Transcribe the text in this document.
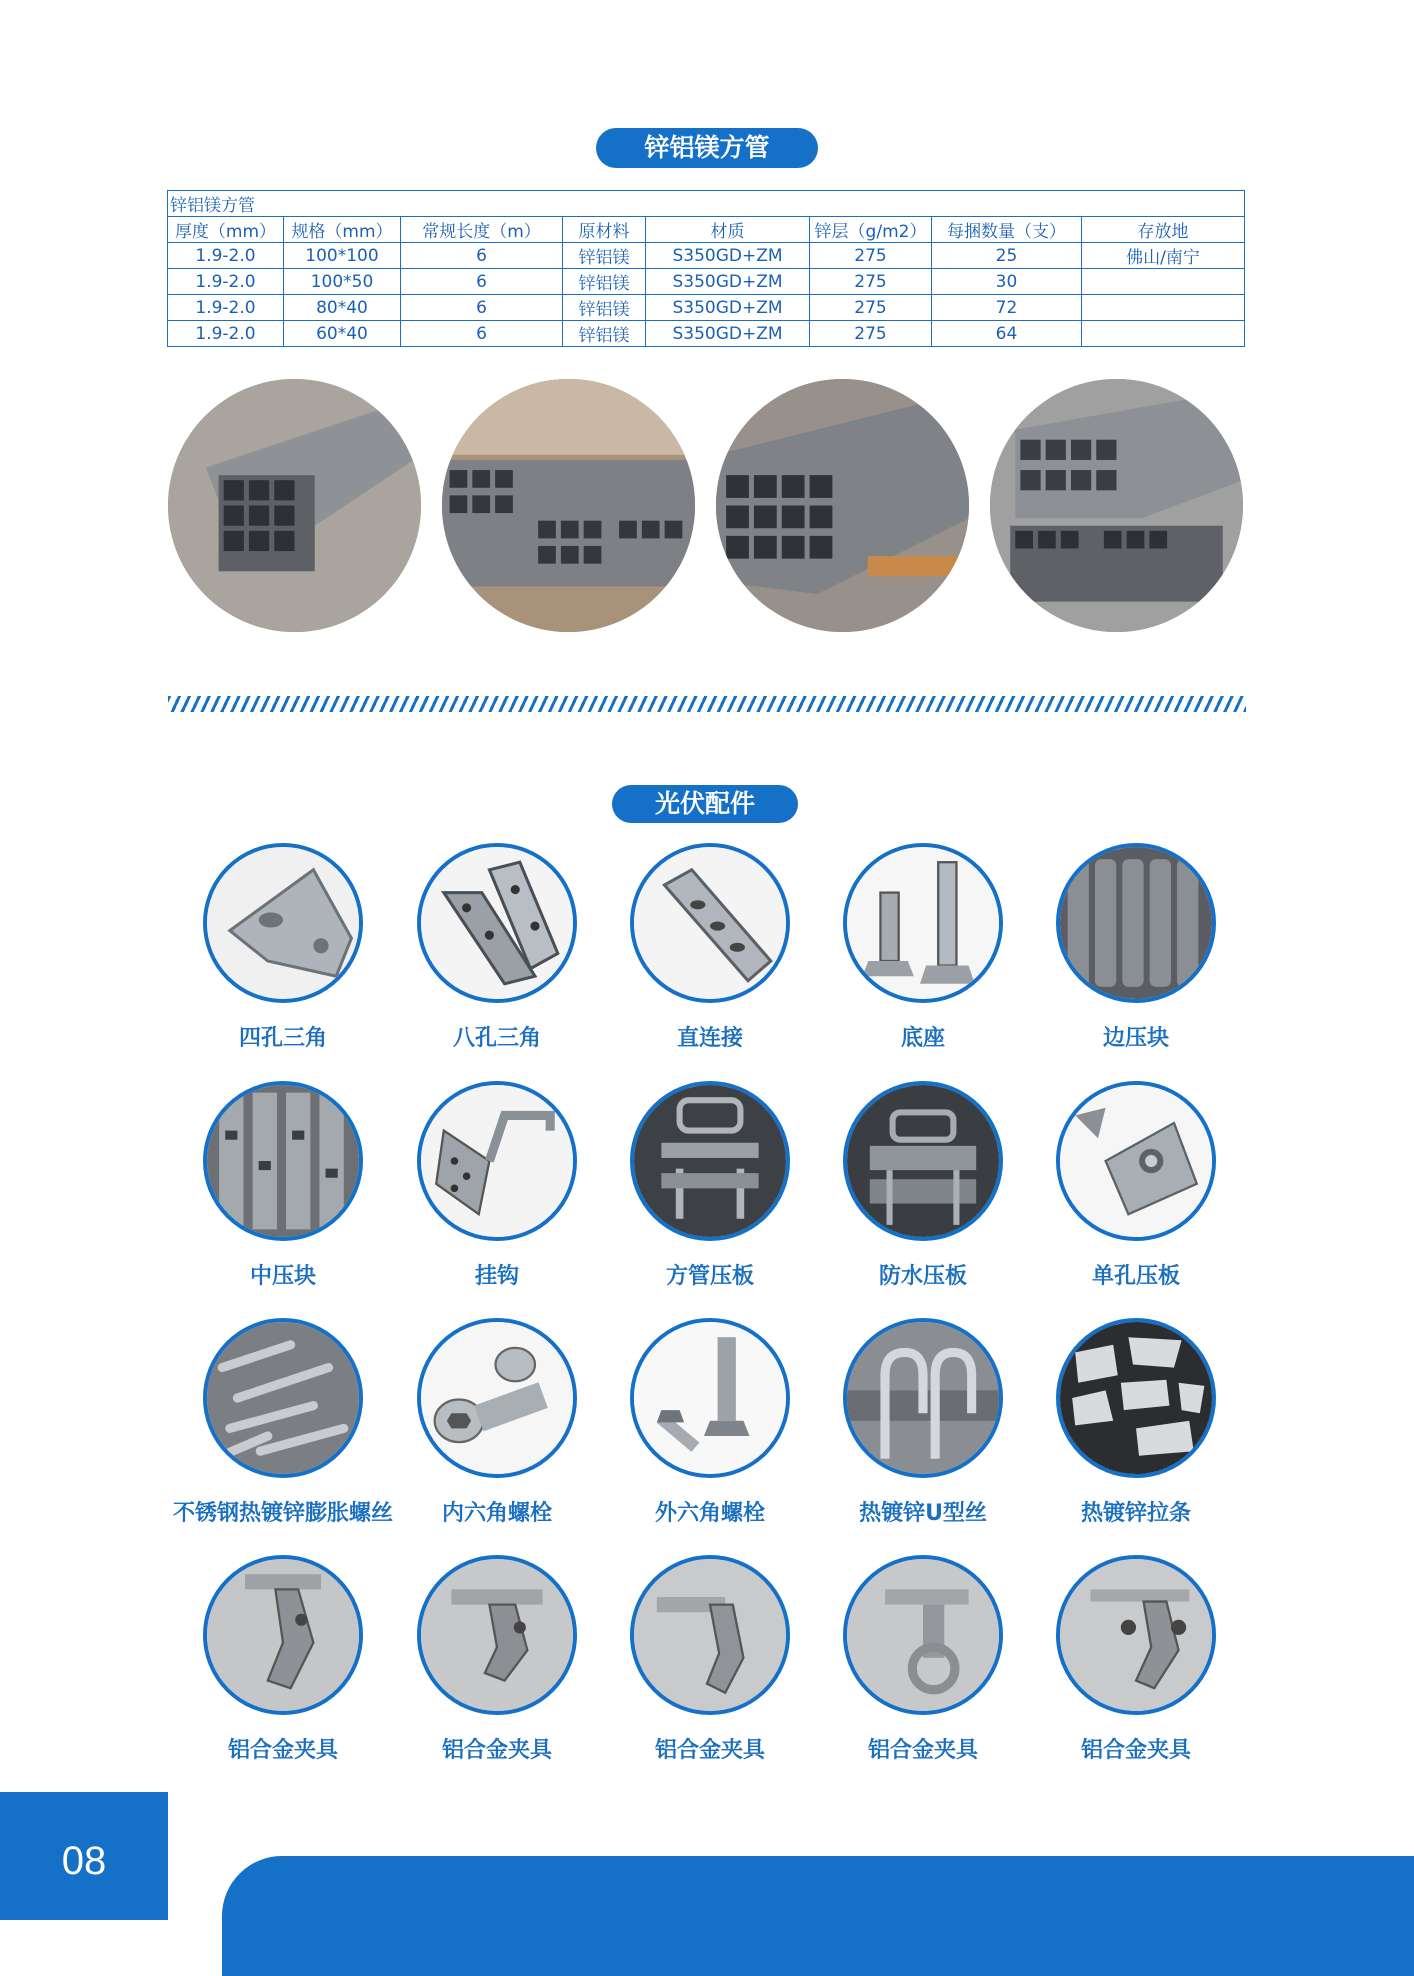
锌铝镁方管
锌铝镁方管							
厚度（mm）	规格（mm）	常规长度（m）	原材料	材质	锌层（g/m2）	每捆数量（支）	存放地
1.9-2.0	100*100	6	锌铝镁	S350GD+ZM	275	25	佛山/南宁
1.9-2.0	100*50	6	锌铝镁	S350GD+ZM	275	30	
1.9-2.0	80*40	6	锌铝镁	S350GD+ZM	275	72	
1.9-2.0	60*40	6	锌铝镁	S350GD+ZM	275	64	
光伏配件
四孔三角	八孔三角	直连接	底座	边压块
中压块	挂钩	方管压板	防水压板	单孔压板
不锈钢热镀锌膨胀螺丝	内六角螺栓	外六角螺栓	热镀锌U型丝	热镀锌拉条
铝合金夹具	铝合金夹具	铝合金夹具	铝合金夹具	铝合金夹具
08
